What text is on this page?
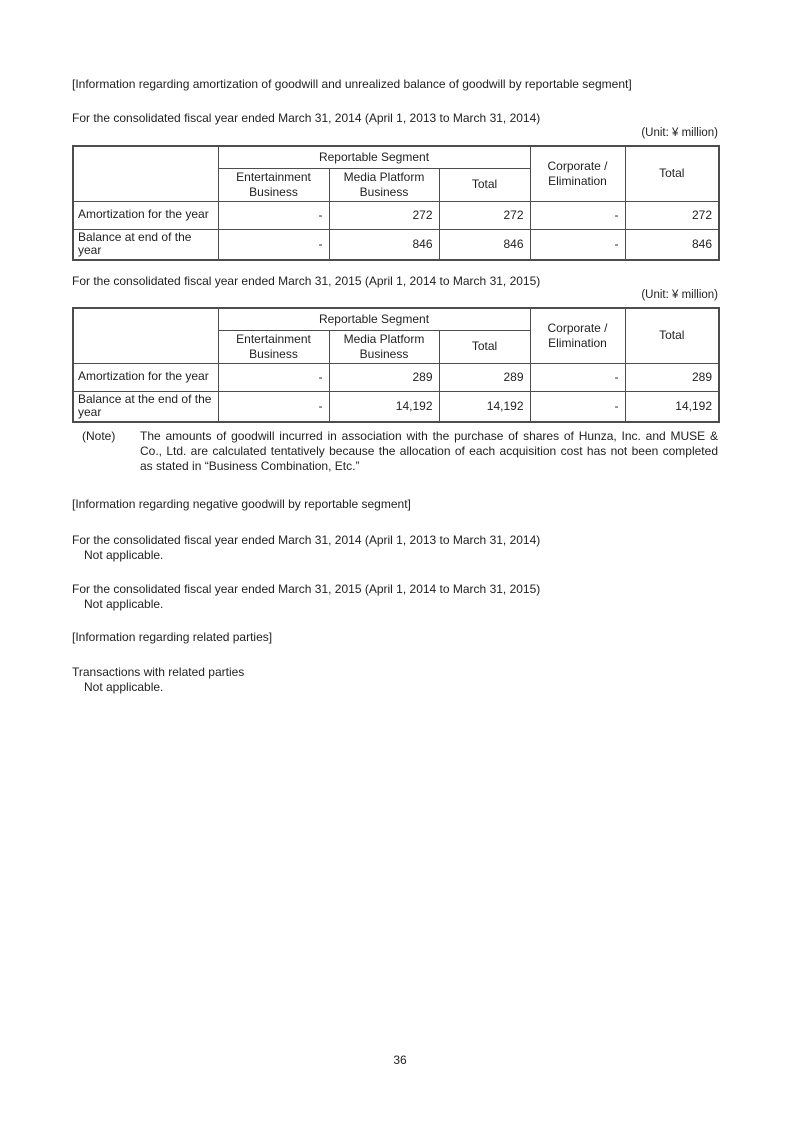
[Information regarding amortization of goodwill and unrealized balance of goodwill by reportable segment]
For the consolidated fiscal year ended March 31, 2014 (April 1, 2013 to March 31, 2014)
(Unit: ¥ million)
	Reportable Segment			Corporate / Elimination	Total
	Entertainment Business	Media Platform Business	Total		
Amortization for the year	-	272	272	-	272
Balance at end of the year	-	846	846	-	846
For the consolidated fiscal year ended March 31, 2015 (April 1, 2014 to March 31, 2015)
(Unit: ¥ million)
	Reportable Segment			Corporate / Elimination	Total
	Entertainment Business	Media Platform Business	Total		
Amortization for the year	-	289	289	-	289
Balance at the end of the year	-	14,192	14,192	-	14,192
(Note)	The amounts of goodwill incurred in association with the purchase of shares of Hunza, Inc. and MUSE & Co., Ltd. are calculated tentatively because the allocation of each acquisition cost has not been completed as stated in “Business Combination, Etc.”
[Information regarding negative goodwill by reportable segment]
For the consolidated fiscal year ended March 31, 2014 (April 1, 2013 to March 31, 2014)
Not applicable.
For the consolidated fiscal year ended March 31, 2015 (April 1, 2014 to March 31, 2015)
Not applicable.
[Information regarding related parties]
Transactions with related parties
Not applicable.
36
